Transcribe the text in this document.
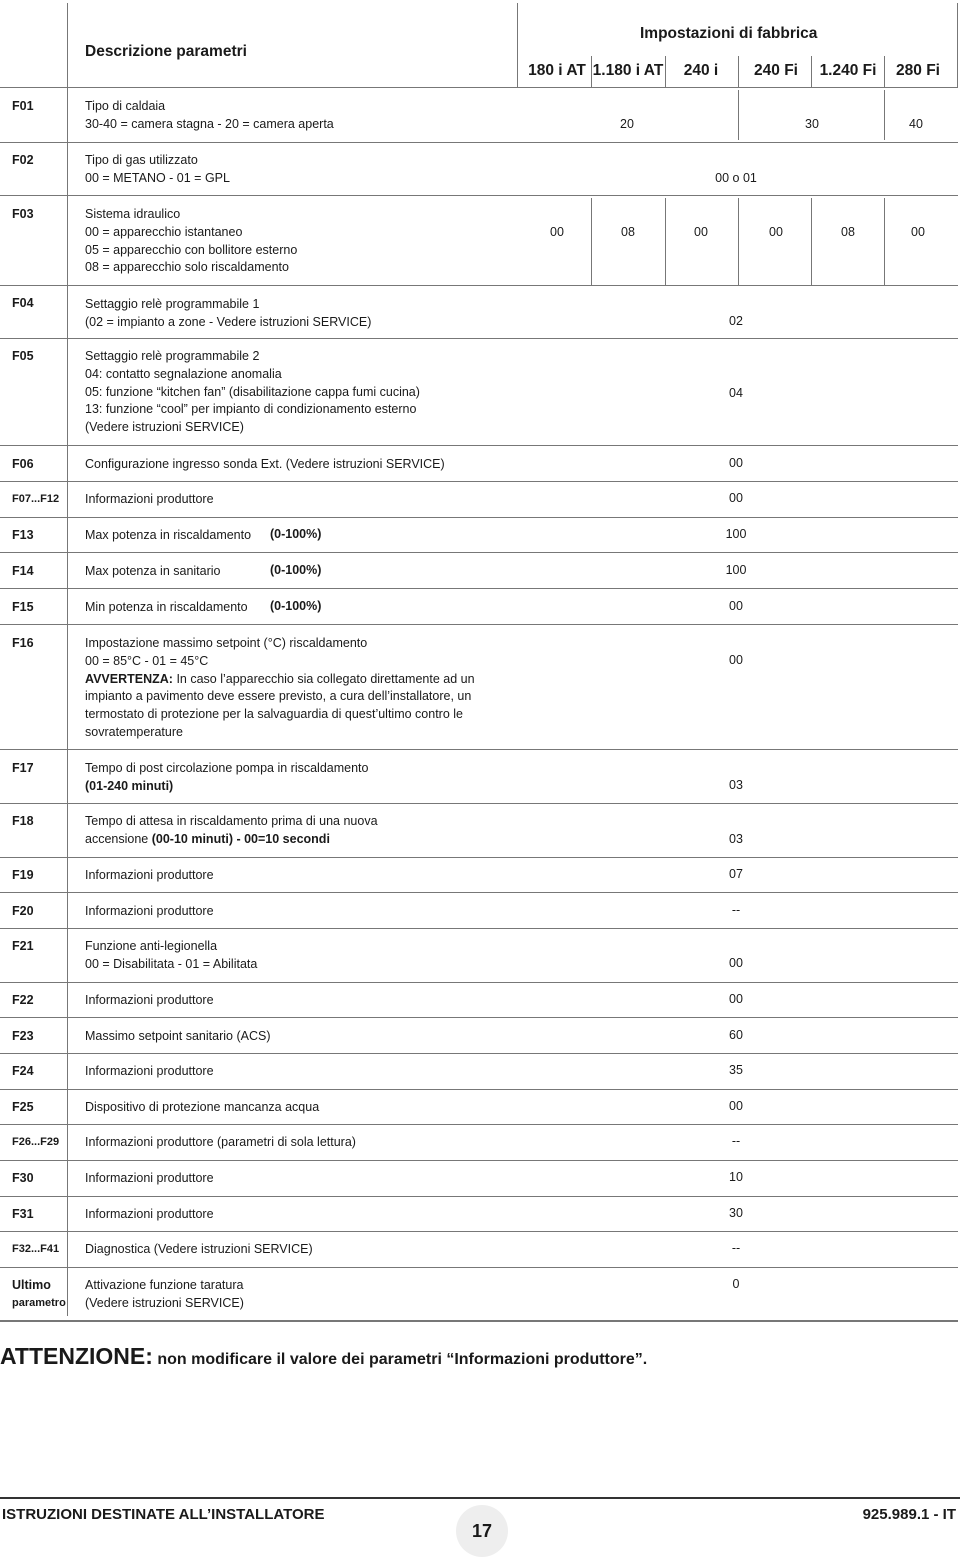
Descrizione parametri
Impostazioni di fabbrica
180 i AT 1.180 i AT 240 i 240 Fi 1.240 Fi 280 Fi
F01	Tipo di caldaia
30-40 = camera stagna - 20 = camera aperta	20	30	40
F02	Tipo di gas utilizzato
00 = METANO - 01 = GPL	00 o 01
F03	Sistema idraulico
00 = apparecchio istantaneo
05 = apparecchio con bollitore esterno
08 = apparecchio solo riscaldamento
00	08	00	00	08	00
F04	Settaggio relè programmabile 1
(02 = impianto a zone - Vedere istruzioni SERVICE)	02
F05	Settaggio relè programmabile 2
04: contatto segnalazione anomalia
05: funzione “kitchen fan” (disabilitazione cappa fumi cucina)
13: funzione “cool” per impianto di condizionamento esterno
(Vedere istruzioni SERVICE)
04
F06	Configurazione ingresso sonda Ext. (Vedere istruzioni SERVICE)	00
F07...F12 Informazioni produttore	00
F13	Max potenza in riscaldamento (0-100%)	100
F14	Max potenza in sanitario	(0-100%)	100
F15	Min potenza in riscaldamento (0-100%)	00
F16	Impostazione massimo setpoint (°C) riscaldamento
00 = 85°C - 01 = 45°C
AVVERTENZA: In caso l’apparecchio sia collegato direttamente ad un
impianto a pavimento deve essere previsto, a cura dell’installatore, un
termostato di protezione per la salvaguardia di quest’ultimo contro le
sovratemperature
00
F17	Tempo di post circolazione pompa in riscaldamento
(01-240 minuti)	03
F18	Tempo di attesa in riscaldamento prima di una nuova
accensione (00-10 minuti) - 00=10 secondi	03
F19	Informazioni produttore	07
F20	Informazioni produttore	--
F21	Funzione anti-legionella
00 = Disabilitata - 01 = Abilitata	00
F22	Informazioni produttore	00
F23	Massimo setpoint sanitario (ACS)	60
F24	Informazioni produttore	35
F25	Dispositivo di protezione mancanza acqua	00
F26...F29 Informazioni produttore (parametri di sola lettura)	--
F30	Informazioni produttore	10
F31	Informazioni produttore	30
F32...F41 Diagnostica (Vedere istruzioni SERVICE)	--
Ultimo
parametro
Attivazione funzione taratura
(Vedere istruzioni SERVICE)
0
ATTENZIONE: non modificare il valore dei parametri “Informazioni produttore”.
ISTRUZIONI DESTINATE ALL’INSTALLATORE
17
925.989.1 - IT
